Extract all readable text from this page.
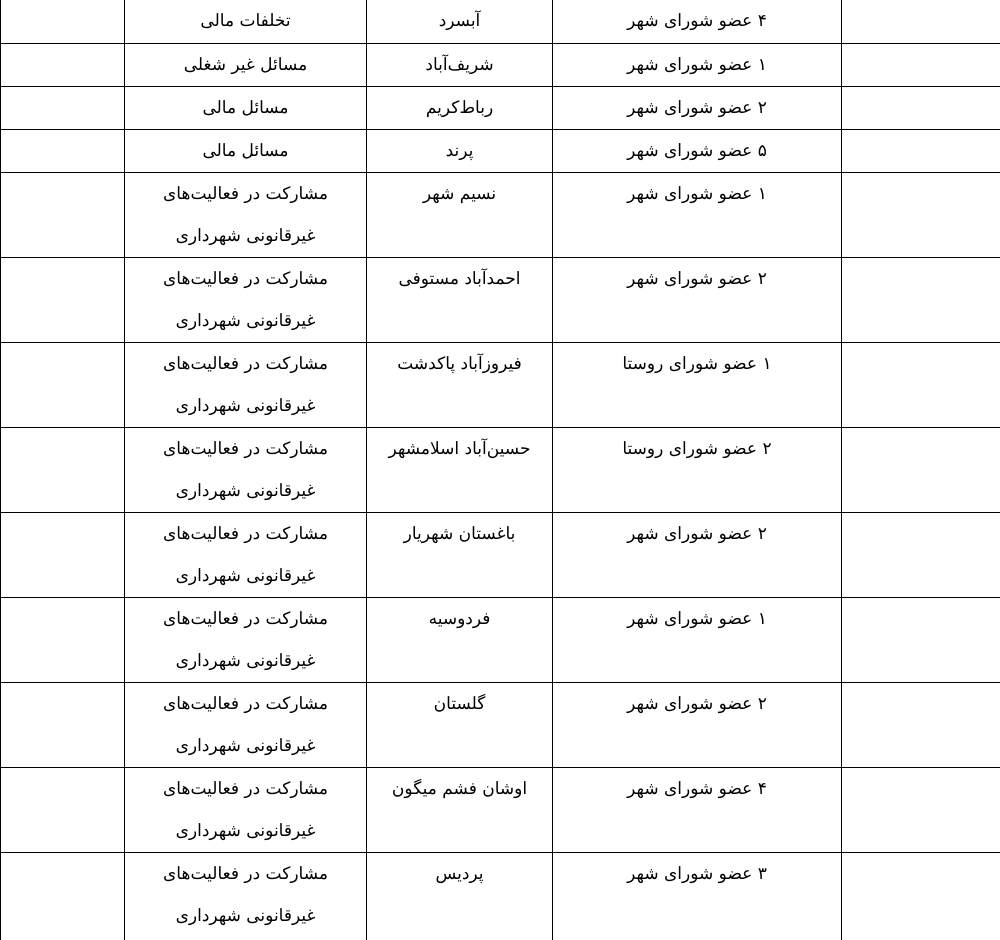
	۴ عضو شورای شهر	آبسرد	تخلفات مالی	
	۱ عضو شورای شهر	شریف‌آباد	مسائل غیر شغلی	
	۲ عضو شورای شهر	رباط‌کریم	مسائل مالی	
	۵ عضو شورای شهر	پرند	مسائل مالی	
	۱ عضو شورای شهر	نسیم شهر	مشارکت در فعالیت‌های غیرقانونی شهرداری	
	۲ عضو شورای شهر	احمدآباد مستوفی	مشارکت در فعالیت‌های غیرقانونی شهرداری	
	۱ عضو شورای روستا	فیروزآباد پاکدشت	مشارکت در فعالیت‌های غیرقانونی شهرداری	
	۲ عضو شورای روستا	حسین‌آباد اسلامشهر	مشارکت در فعالیت‌های غیرقانونی شهرداری	
	۲ عضو شورای شهر	باغستان شهریار	مشارکت در فعالیت‌های غیرقانونی شهرداری	
	۱ عضو شورای شهر	فردوسیه	مشارکت در فعالیت‌های غیرقانونی شهرداری	
	۲ عضو شورای شهر	گلستان	مشارکت در فعالیت‌های غیرقانونی شهرداری	
	۴ عضو شورای شهر	اوشان فشم میگون	مشارکت در فعالیت‌های غیرقانونی شهرداری	
	۳ عضو شورای شهر	پردیس	مشارکت در فعالیت‌های غیرقانونی شهرداری	
